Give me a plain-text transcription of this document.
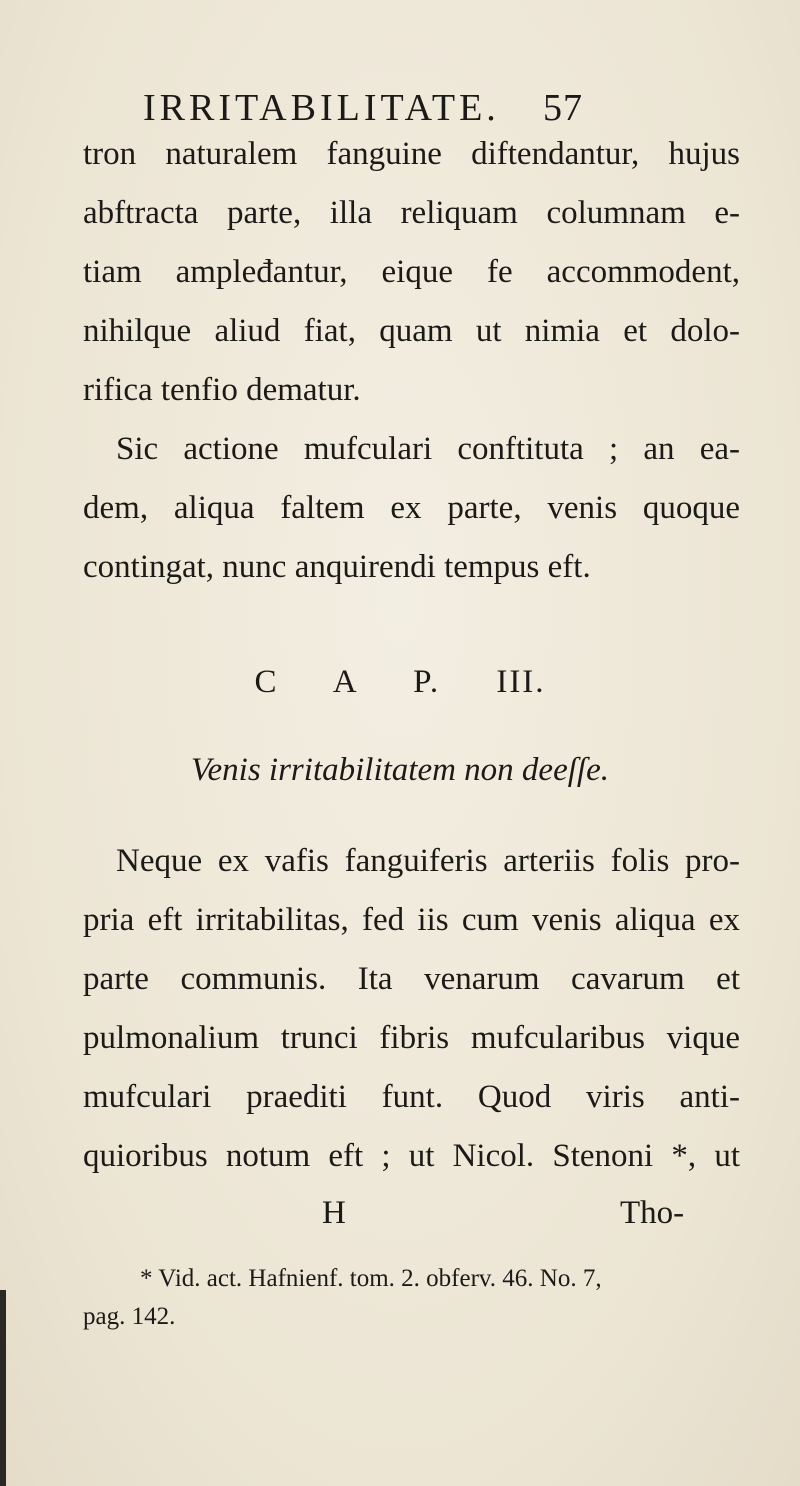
IRRITABILITATE. 57
tron naturalem fanguine diftendantur, hujus
abftracta parte, illa reliquam columnam e-
tiam ampleđantur, eique fe accommodent,
nihilque aliud fiat, quam ut nimia et dolo-
rifica tenfio dematur.
Sic actione mufculari conftituta ; an ea-
dem, aliqua faltem ex parte, venis quoque
contingat, nunc anquirendi tempus eft.
C A P. III.
Venis irritabilitatem non deeſſe.
Neque ex vafis fanguiferis arteriis folis pro-
pria eft irritabilitas, fed iis cum venis aliqua ex
parte communis. Ita venarum cavarum et
pulmonalium trunci fibris mufcularibus vique
mufculari praediti funt. Quod viris anti-
quioribus notum eft ; ut Nicol. Stenoni *, ut
H	Tho-
* Vid. act. Hafnienf. tom. 2. obferv. 46. No. 7,
pag. 142.
